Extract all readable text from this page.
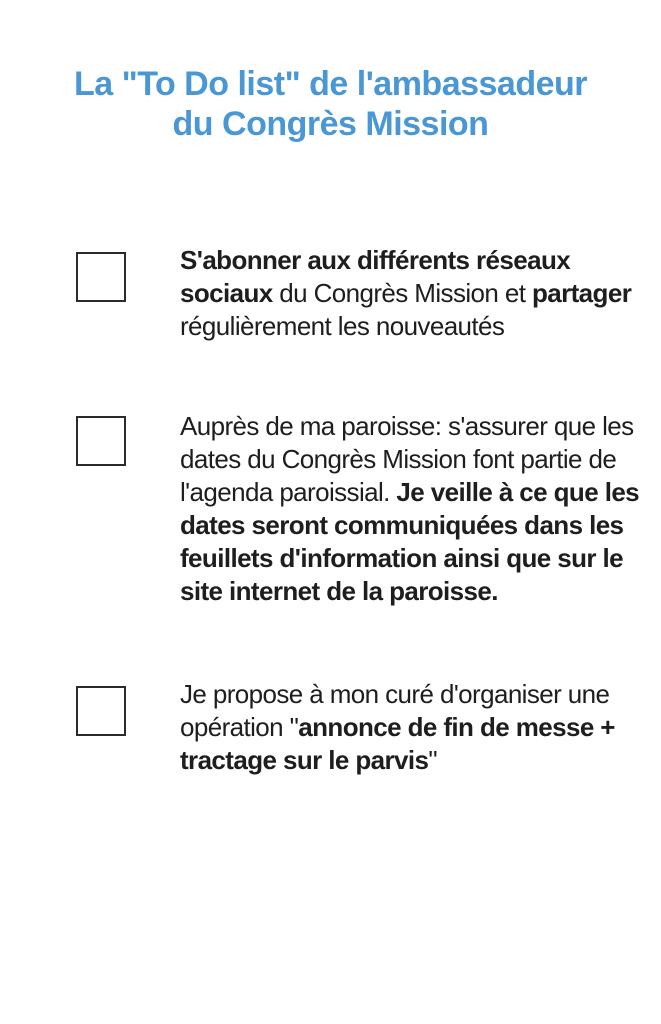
La "To Do list" de l'ambassadeur
du Congrès Mission
S'abonner aux différents réseaux sociaux du Congrès Mission et partager régulièrement les nouveautés
Auprès de ma paroisse: s'assurer que les dates du Congrès Mission font partie de l'agenda paroissial. Je veille à ce que les dates seront communiquées dans les feuillets d'information ainsi que sur le site internet de la paroisse.
Je propose à mon curé d'organiser une opération "annonce de fin de messe + tractage sur le parvis"
